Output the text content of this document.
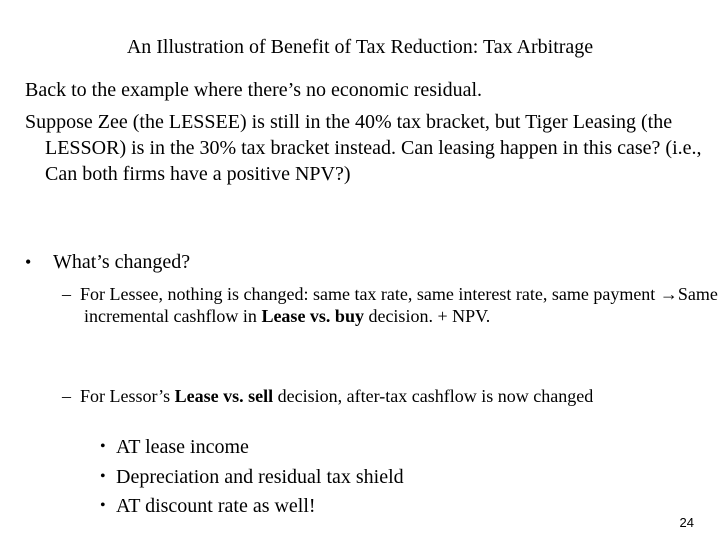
An Illustration of Benefit of Tax Reduction: Tax Arbitrage
Back to the example where there’s no economic residual.
Suppose Zee (the LESSEE) is still in the 40% tax bracket, but Tiger Leasing (the LESSOR) is in the 30% tax bracket instead. Can leasing happen in this case? (i.e., Can both firms have a positive NPV?)
•	What’s changed?
– For Lessee, nothing is changed: same tax rate, same interest rate, same payment →Same incremental cashflow in Lease vs. buy decision. + NPV.
– For Lessor’s Lease vs. sell decision, after-tax cashflow is now changed
• AT lease income
• Depreciation and residual tax shield
• AT discount rate as well!
24
